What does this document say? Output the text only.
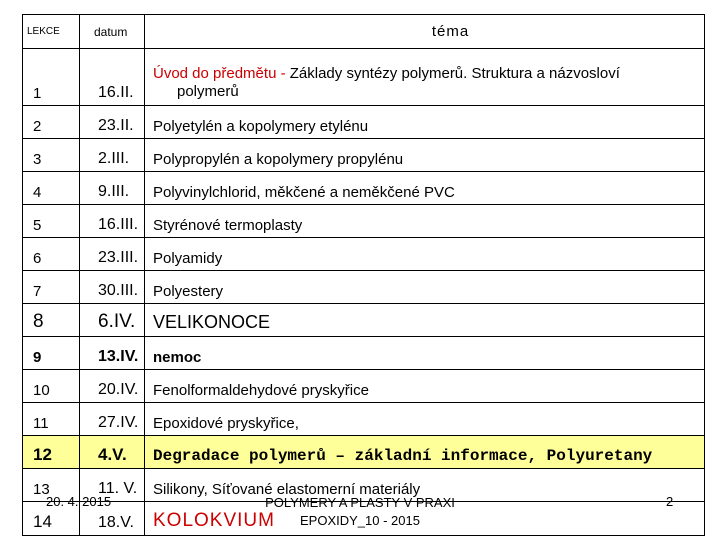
LEKCE	datum	téma
1	16.II.	Úvod do předmětu - Základy syntézy polymerů. Struktura a názvosloví
polymerů
2	23.II.	Polyetylén a kopolymery etylénu
3	2.III.	Polypropylén a kopolymery propylénu
4	9.III.	Polyvinylchlorid, měkčené a neměkčené PVC
5	16.III.	Styrénové termoplasty
6	23.III.	Polyamidy
7	30.III.	Polyestery
8	6.IV.	VELIKONOCE
9	13.IV.	nemoc
10	20.IV.	Fenolformaldehydové pryskyřice
11	27.IV.	Epoxidové pryskyřice,
12	4.V.	Degradace polymerů – základní informace, Polyuretany
13	11. V.	Silikony, Síťované elastomerní materiály
14	18.V.	KOLOKVIUM
20. 4. 2015	POLYMERY A PLASTY V PRAXI
EPOXIDY_10 - 2015
2
